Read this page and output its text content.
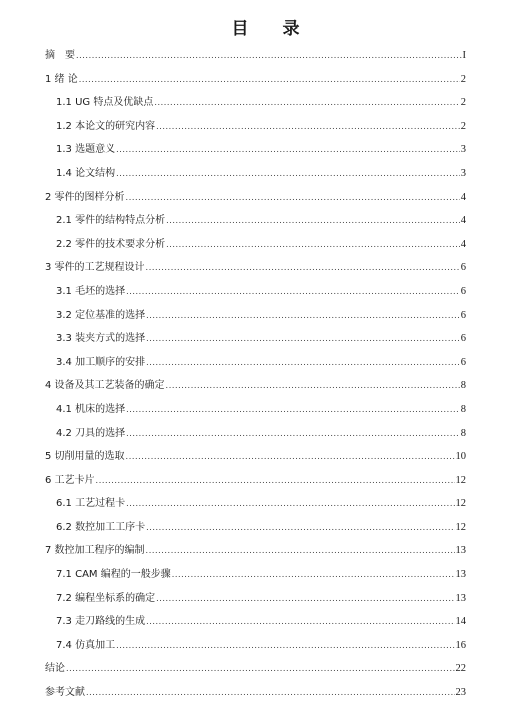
目 录
摘　要 .....	I
1 绪 论 .....	2
1.1 UG 特点及优缺点 .....	2
1.2 本论文的研究内容 .....	2
1.3 选题意义 .....	3
1.4 论文结构 .....	3
2 零件的图样分析 .....	4
2.1 零件的结构特点分析 .....	4
2.2 零件的技术要求分析 .....	4
3 零件的工艺规程设计 .....	6
3.1 毛坯的选择 .....	6
3.2 定位基准的选择 .....	6
3.3 装夹方式的选择 .....	6
3.4 加工顺序的安排 .....	6
4 设备及其工艺装备的确定 .....	8
4.1 机床的选择 .....	8
4.2 刀具的选择 .....	8
5 切削用量的选取 .....	10
6 工艺卡片 .....	12
6.1 工艺过程卡 .....	12
6.2 数控加工工序卡 .....	12
7 数控加工程序的编制 .....	13
7.1 CAM 编程的一般步骤 .....	13
7.2 编程坐标系的确定 .....	13
7.3 走刀路线的生成 .....	14
7.4 仿真加工 .....	16
结论 .....	22
参考文献 .....	23
